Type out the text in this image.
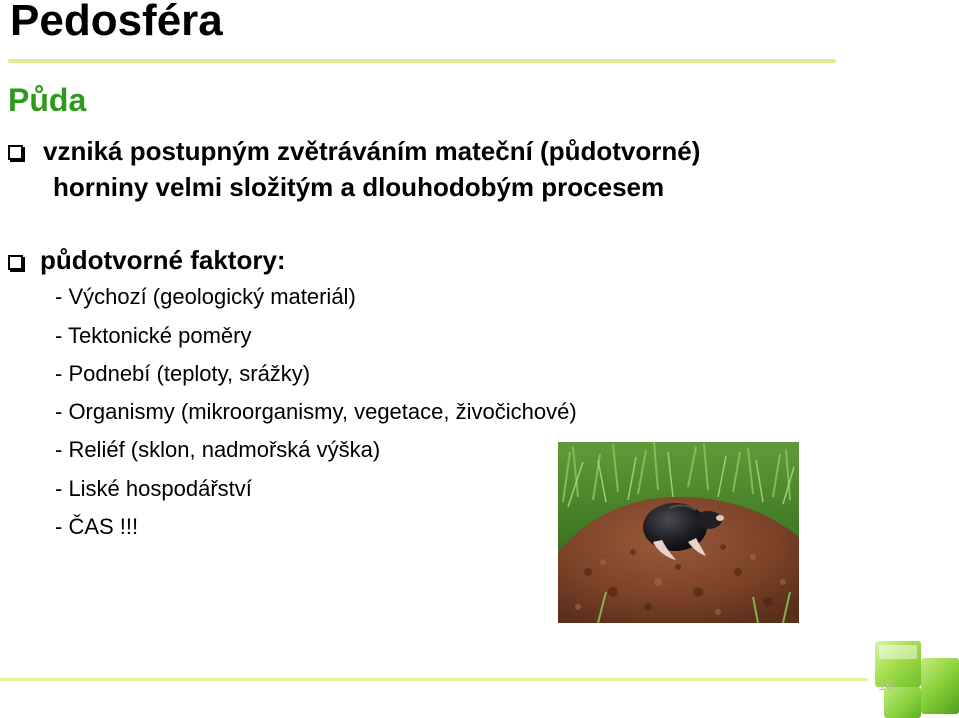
Pedosféra
Půda
vzniká postupným zvětráváním mateční (půdotvorné)
horniny velmi složitým a dlouhodobým procesem
půdotvorné faktory:
- Výchozí (geologický materiál)
- Tektonické poměry
- Podnebí (teploty, srážky)
- Organismy (mikroorganismy, vegetace, živočichové)
- Reliéf (sklon, nadmořská výška)
- Liské hospodářství
- ČAS !!!
16
